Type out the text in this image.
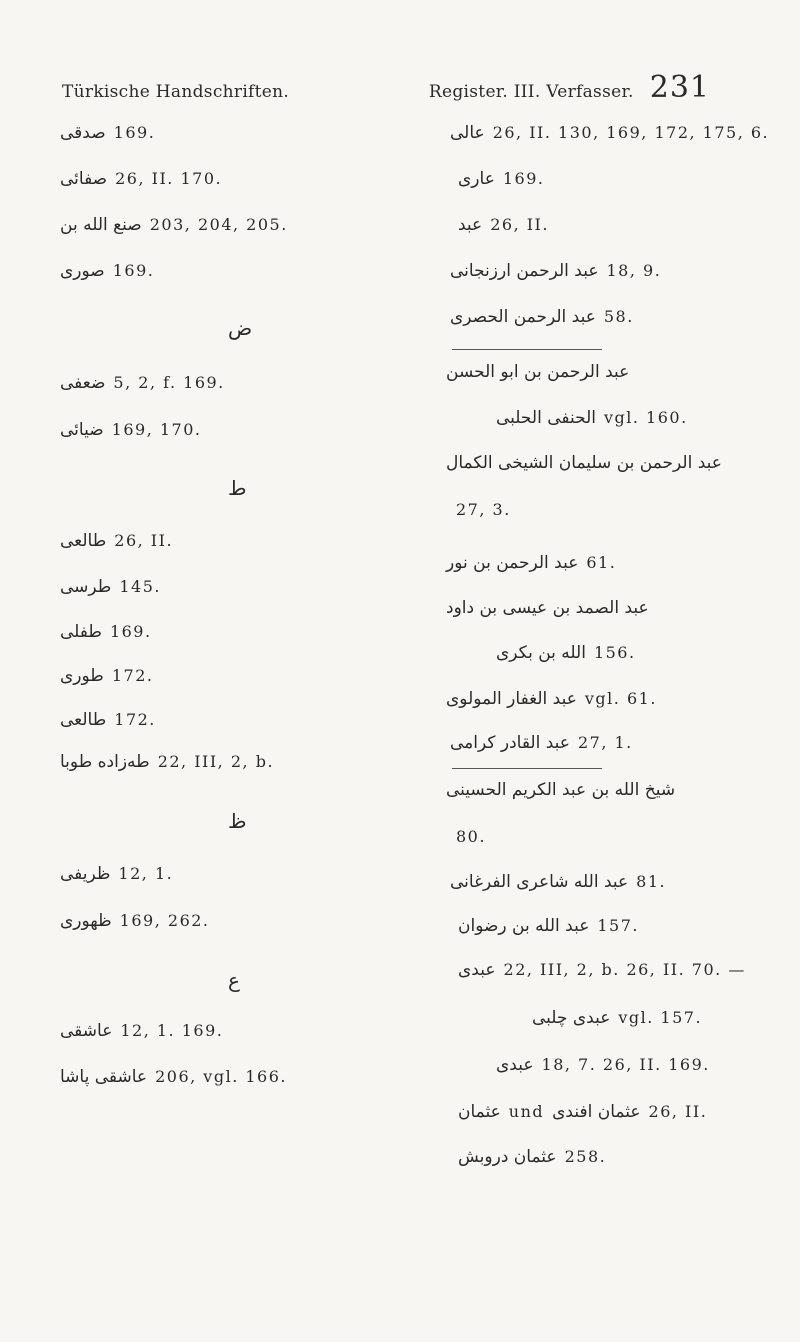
Türkische Handschriften.	Register. III. Verfasser. 231
صدقی 169.
صفائی 26, II. 170.
صنع الله بن 203, 204, 205.
صوری 169.
ض
ضعفی 5, 2, f. 169.
ضیائی 169, 170.
ط
طالعی 26, II.
طرسی 145.
طفلی 169.
طوری 172.
طالعی 172.
طه‌زاده طوبا 22, III, 2, b.
ظ
ظریفی 12, 1.
ظهوری 169, 262.
ع
عاشقی 12, 1. 169.
عاشقی پاشا 206, vgl. 166.
عالی 26, II. 130, 169, 172, 175, 6.
عاری 169.
عبد 26, II.
عبد الرحمن ارزنجانی 18, 9.
عبد الرحمن الحصری 58.
عبد الرحمن بن ابو الحسن
الحنفی الحلبی vgl. 160.
عبد الرحمن بن سلیمان الشیخی الکمال
27, 3.
عبد الرحمن بن نور 61.
عبد الصمد بن عیسی بن داود
الله بن بکری 156.
عبد الغفار المولوی vgl. 61.
عبد القادر کرامی 27, 1.
شیخ الله بن عبد الکریم الحسینی
80.
عبد الله شاعری الفرغانی 81.
عبد الله بن رضوان 157.
عبدی 22, III, 2, b. 26, II. 70. —
عبدی چلبی vgl. 157.
عبدی 18, 7. 26, II. 169.
عثمان und عثمان افندی 26, II.
عثمان دروبش 258.
